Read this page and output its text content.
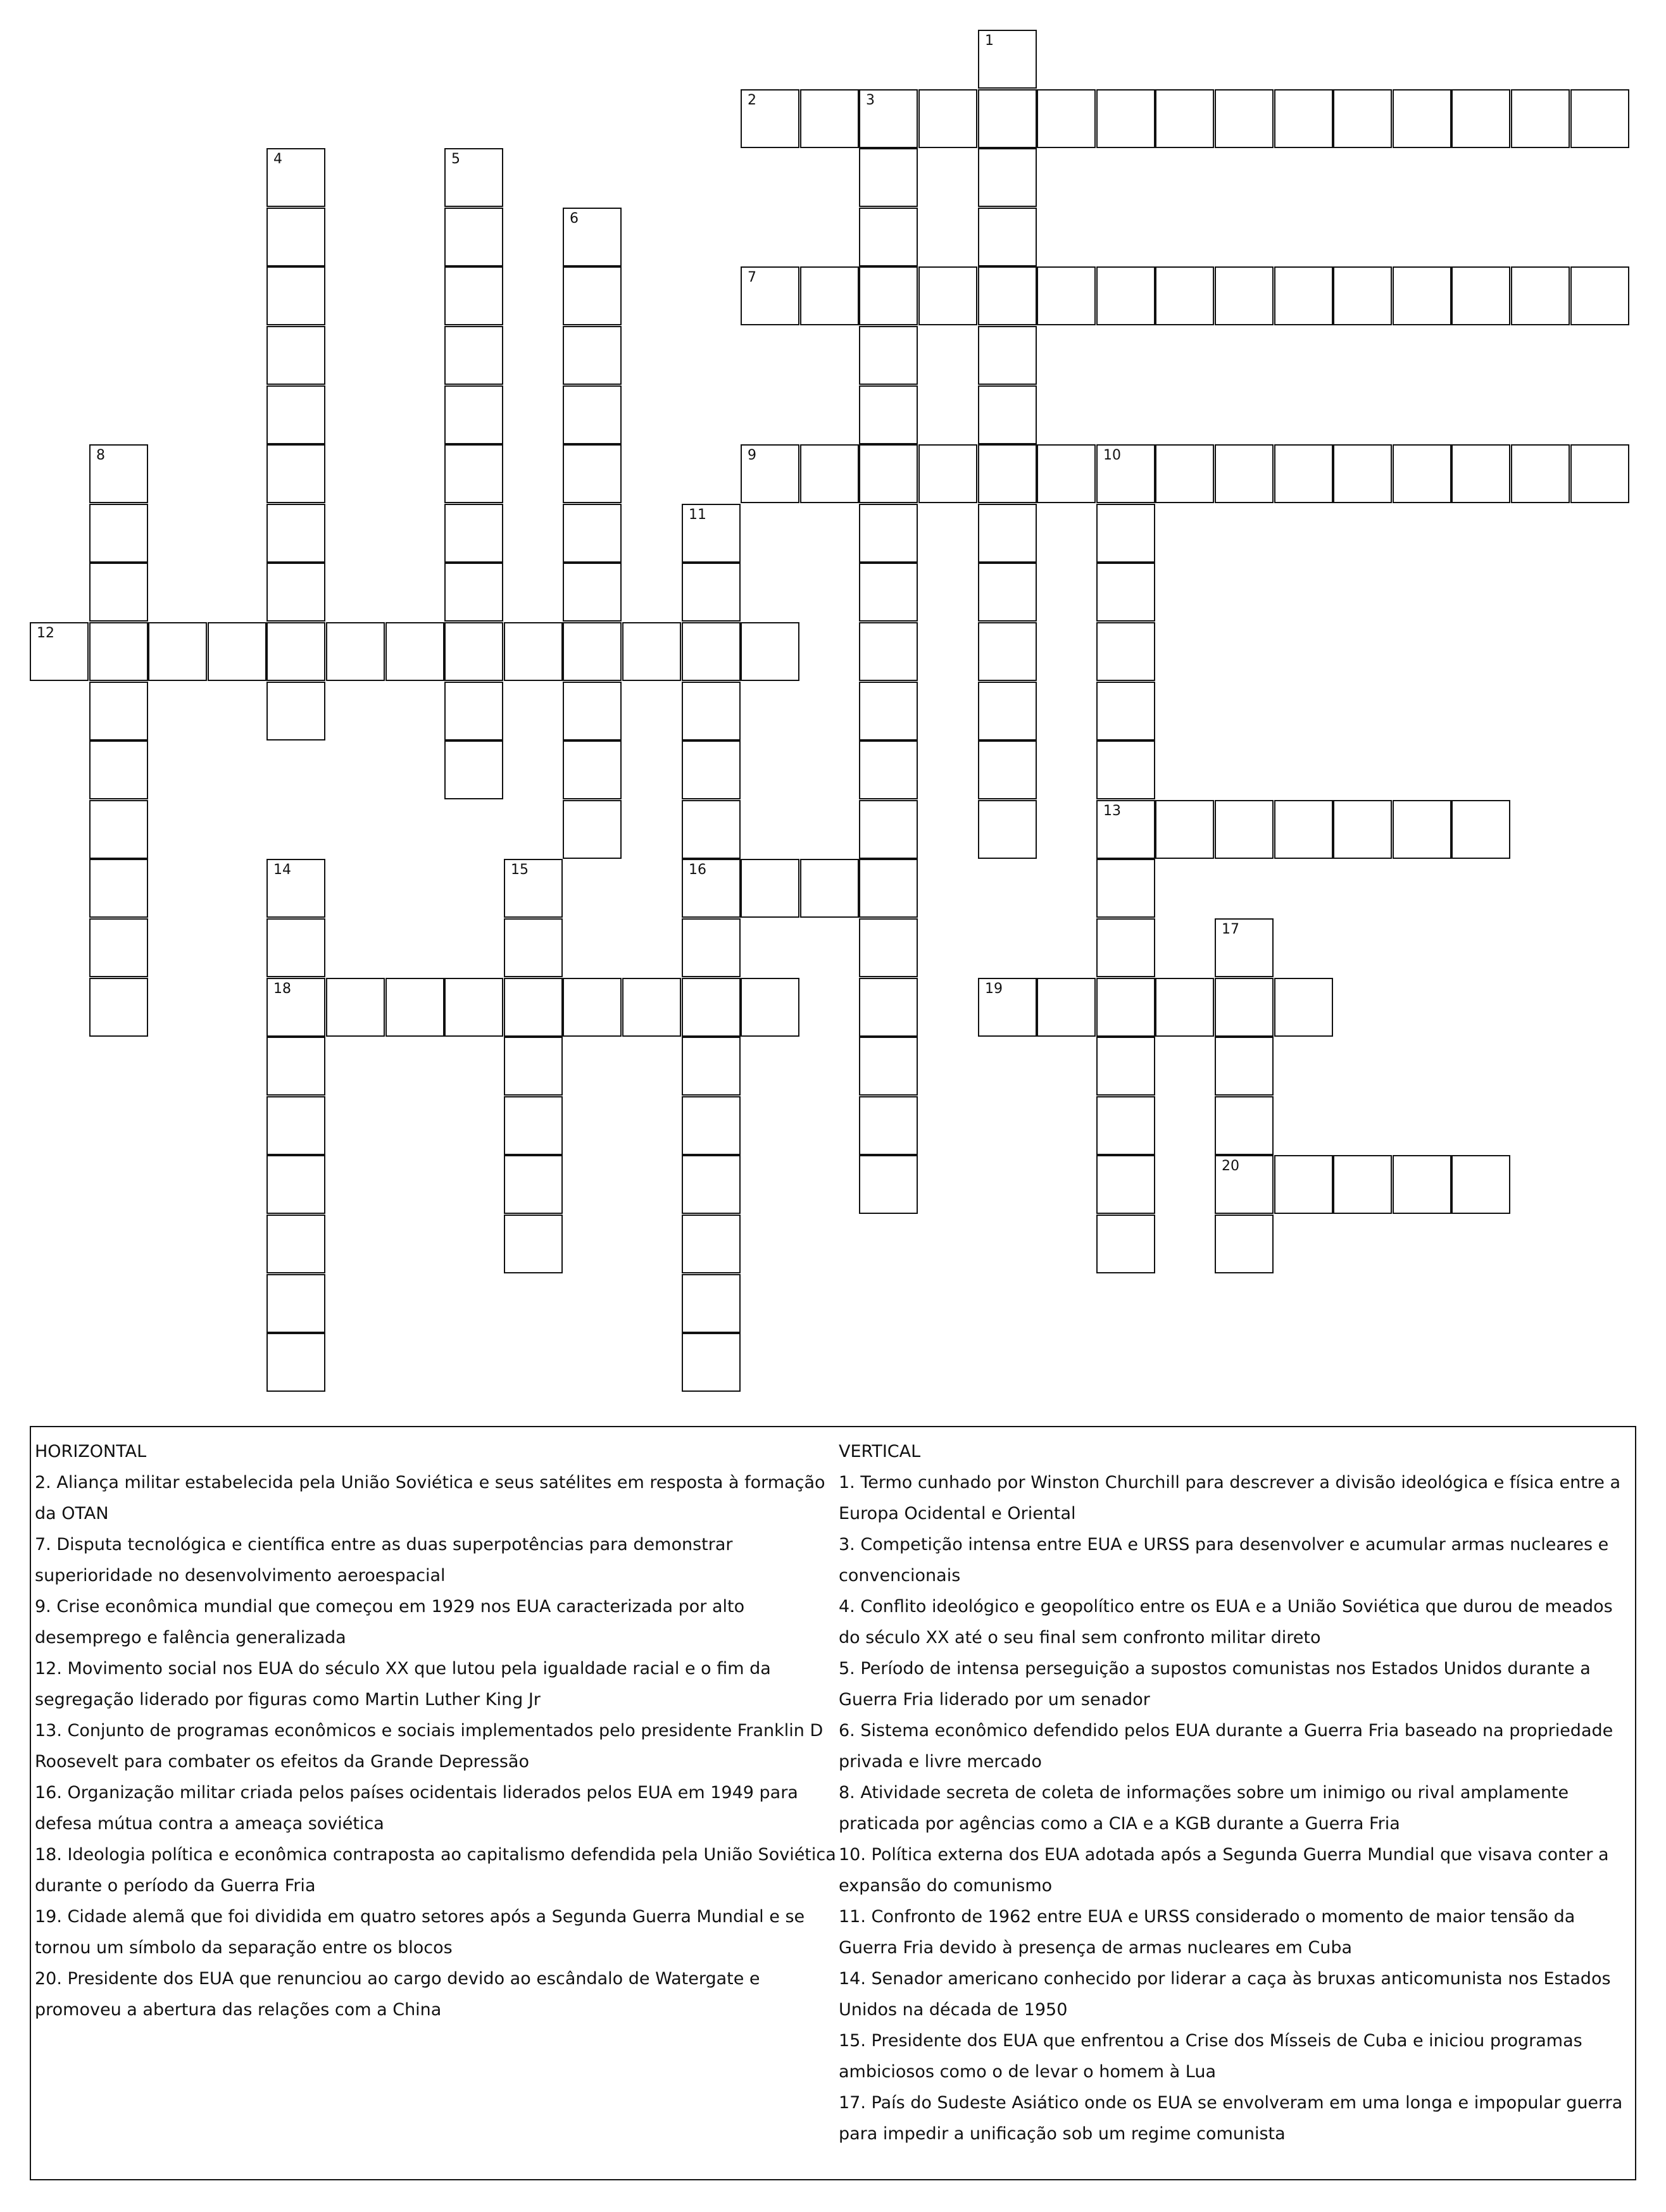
1
2	3
4	5
6
7
8	9	10
13
11
16
12
14
18
15
17
20
19

HORIZONTAL

2. Aliança militar estabelecida pela União Soviética e seus satélites em resposta à formação da OTAN

7. Disputa tecnológica e científica entre as duas superpotências para demonstrar superioridade no desenvolvimento aeroespacial

9. Crise econômica mundial que começou em 1929 nos EUA caracterizada por alto desemprego e falência generalizada

12. Movimento social nos EUA do século XX que lutou pela igualdade racial e o fim da segregação liderado por figuras como Martin Luther King Jr

13. Conjunto de programas econômicos e sociais implementados pelo presidente Franklin D Roosevelt para combater os efeitos da Grande Depressão

16. Organização militar criada pelos países ocidentais liderados pelos EUA em 1949 para defesa mútua contra a ameaça soviética

18. Ideologia política e econômica contraposta ao capitalismo defendida pela União Soviética durante o período da Guerra Fria

19. Cidade alemã que foi dividida em quatro setores após a Segunda Guerra Mundial e se tornou um símbolo da separação entre os blocos

20. Presidente dos EUA que renunciou ao cargo devido ao escândalo de Watergate e promoveu a abertura das relações com a China

VERTICAL

1. Termo cunhado por Winston Churchill para descrever a divisão ideológica e física entre a Europa Ocidental e Oriental

3. Competição intensa entre EUA e URSS para desenvolver e acumular armas nucleares e convencionais

4. Conflito ideológico e geopolítico entre os EUA e a União Soviética que durou de meados do século XX até o seu final sem confronto militar direto

5. Período de intensa perseguição a supostos comunistas nos Estados Unidos durante a Guerra Fria liderado por um senador

6. Sistema econômico defendido pelos EUA durante a Guerra Fria baseado na propriedade privada e livre mercado

8. Atividade secreta de coleta de informações sobre um inimigo ou rival amplamente praticada por agências como a CIA e a KGB durante a Guerra Fria

10. Política externa dos EUA adotada após a Segunda Guerra Mundial que visava conter a expansão do comunismo

11. Confronto de 1962 entre EUA e URSS considerado o momento de maior tensão da Guerra Fria devido à presença de armas nucleares em Cuba

14. Senador americano conhecido por liderar a caça às bruxas anticomunista nos Estados Unidos na década de 1950

15. Presidente dos EUA que enfrentou a Crise dos Mísseis de Cuba e iniciou programas ambiciosos como o de levar o homem à Lua

17. País do Sudeste Asiático onde os EUA se envolveram em uma longa e impopular guerra para impedir a unificação sob um regime comunista
